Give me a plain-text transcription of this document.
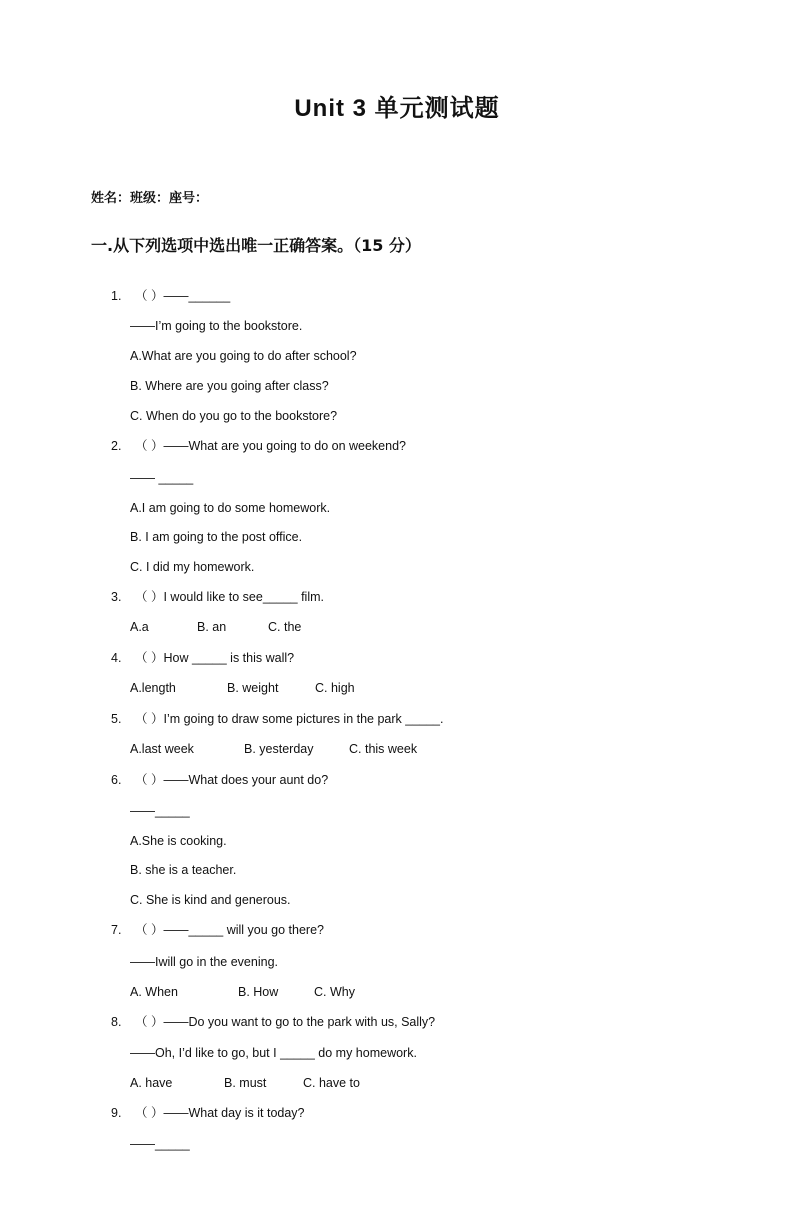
Unit 3 单元测试题
姓名：班级：座号：
一.从下列选项中选出唯一正确答案。（15 分）
1. （ ）——______
——I’m going to the bookstore.
A.What are you going to do after school?
B. Where are you going after class?
C. When do you go to the bookstore?
2. （ ）——What are you going to do on weekend?
—— _____
A.I am going to do some homework.
B. I am going to the post office.
C. I did my homework.
3. （ ）I would like to see_____ film.
A.a	B. an	C. the
4. （ ）How _____ is this wall?
A.length	B. weight	C. high
5. （ ）I’m going to draw some pictures in the park _____.
A.last week	B. yesterday	C. this week
6. （ ）——What does your aunt do?
——_____
A.She is cooking.
B. she is a teacher.
C. She is kind and generous.
7. （ ）——_____ will you go there?
——Iwill go in the evening.
A. When	B. How	C. Why
8. （ ）——Do you want to go to the park with us, Sally?
——Oh, I’d like to go, but I _____ do my homework.
A. have	B. must	C. have to
9. （ ）——What day is it today?
——_____
